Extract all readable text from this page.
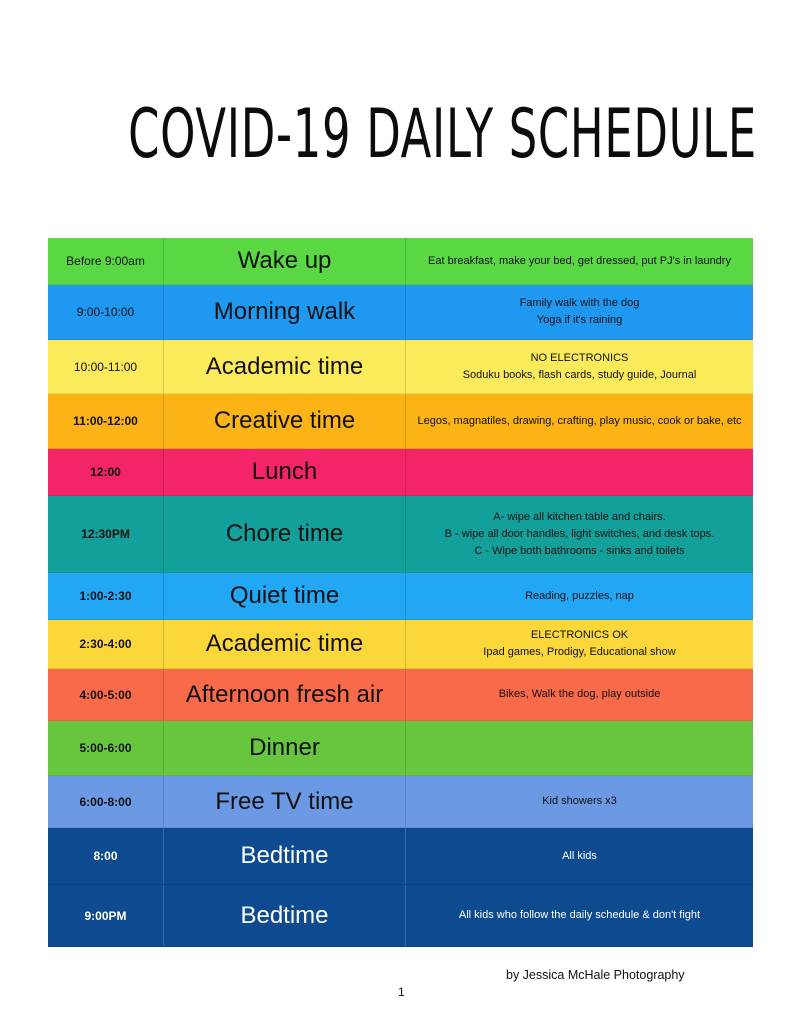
COVID-19 DAILY SCHEDULE
Before 9:00am	Wake up	Eat breakfast, make your bed, get dressed, put PJ's in laundry
9:00-10:00	Morning walk	Family walk with the dog
Yoga if it's raining
10:00-11:00	Academic time	NO ELECTRONICS
Soduku books, flash cards, study guide, Journal
11:00-12:00	Creative time	Legos, magnatiles, drawing, crafting, play music, cook or bake, etc
12:00	Lunch
12:30PM	Chore time
A- wipe all kitchen table and chairs.
B - wipe all door handles, light switches, and desk tops.
C - Wipe both bathrooms - sinks and toilets
1:00-2:30	Quiet time	Reading, puzzles, nap
2:30-4:00	Academic time	ELECTRONICS OK
Ipad games, Prodigy, Educational show
4:00-5:00	Afternoon fresh air	Bikes, Walk the dog, play outside
5:00-6:00	Dinner
6:00-8:00	Free TV time	Kid showers x3
8:00	Bedtime	All kids
9:00PM	Bedtime	All kids who follow the daily schedule & don't fight
by Jessica McHale Photography
1
